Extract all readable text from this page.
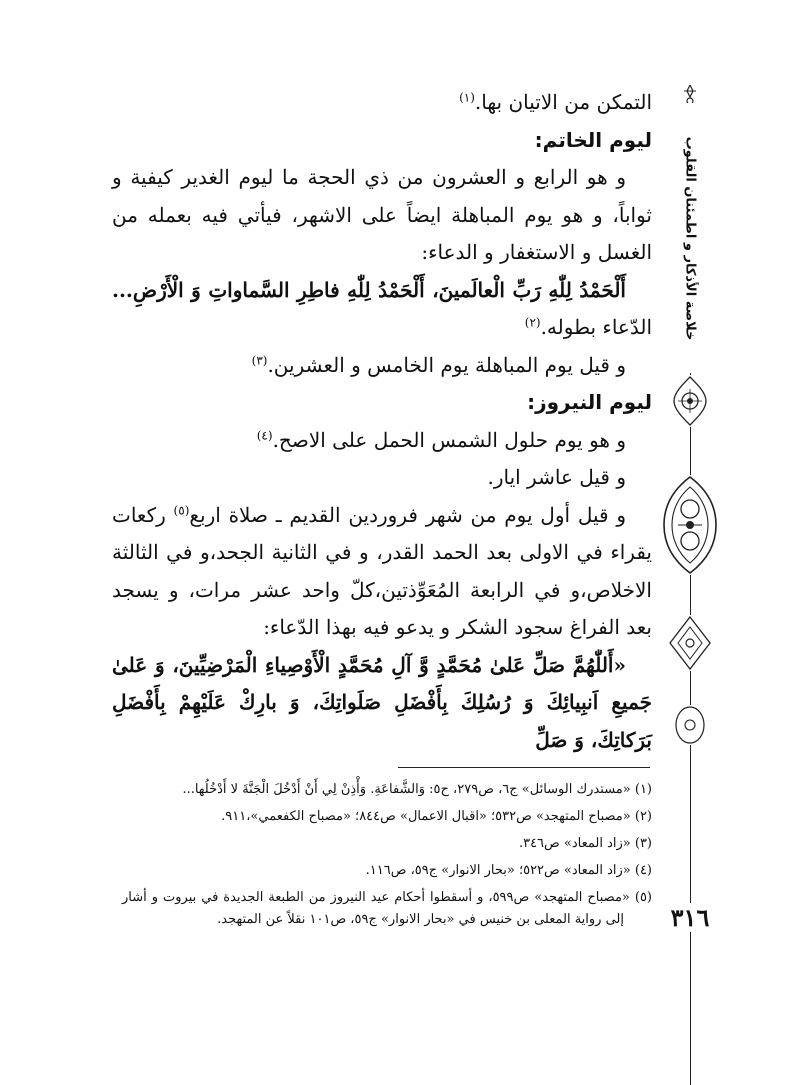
التمكن من الاتيان بها.$^{(١)}$

ليوم الخاتم:

و هو الرابع و العشرون من ذي الحجة ما ليوم الغدير كيفية و ثواباً، و هو يوم المباهلة ايضاً على الاشهر، فيأتي فيه بعمله من الغسل و الاستغفار و الدعاء:

أَلْحَمْدُ لِلّٰهِ رَبِّ الْعالَمينَ، أَلْحَمْدُ لِلّٰهِ فاطِرِ السَّماواتِ وَ الْأَرْضِ... الدّعاء بطوله.$^{(٢)}$

و قيل يوم المباهلة يوم الخامس و العشرين.$^{(٣)}$

ليوم النيروز:

و هو يوم حلول الشمس الحمل على الاصح.$^{(٤)}$

و قيل عاشر ايار.

و قيل أول يوم من شهر فروردين القديم ـ صلاة اربع$^{(٥)}$ ركعات يقراء في الاولى بعد الحمد القدر، و في الثانية الجحد،و في الثالثة الاخلاص،و في الرابعة المُعَوِّذتين،كلّ واحد عشر مرات، و يسجد بعد الفراغ سجود الشكر و يدعو فيه بهذا الدّعاء:

«أَللّٰهُمَّ صَلِّ عَلىٰ مُحَمَّدٍ وَّ آلِ مُحَمَّدٍ الْأَوْصِياءِ الْمَرْضِيِّينَ، وَ عَلىٰ جَميعِ اَنبِيائِكَ وَ رُسُلِكَ بِأَفْضَلِ صَلَواتِكَ، وَ بارِكْ عَلَيْهِمْ بِأَفْضَلِ بَرَكاتِكَ، وَ صَلِّ

(١) «مستدرك الوسائل» ج٦، ص٢٧٩، ح٥: وَالشَّفاعَةِ. وَأْذِنْ لِي أَنْ أَدْخُلَ الْجَنَّةَ لا أَدْخُلُها...

(٢) «مصباح المتهجد» ص٥٣٢؛ «اقبال الاعمال» ص٨٤٤؛ «مصباح الكفعمي»،٩١١.

(٣) «زاد المعاد» ص٣٤٦.

(٤) «زاد المعاد» ص٥٢٢؛ «بحار الانوار» ج٥٩، ص١١٦.

(٥) «مصباح المتهجد» ص٥٩٩، و أسقطوا أحكام عيد النيروز من الطبعة الجديدة في بيروت و أشار إلى رواية المعلى بن خنيس في «بحار الانوار» ج٥٩، ص١٠١ نقلاً عن المتهجد.

خلاصة الأذكار و اطمئنان القلوب
٣١٦
